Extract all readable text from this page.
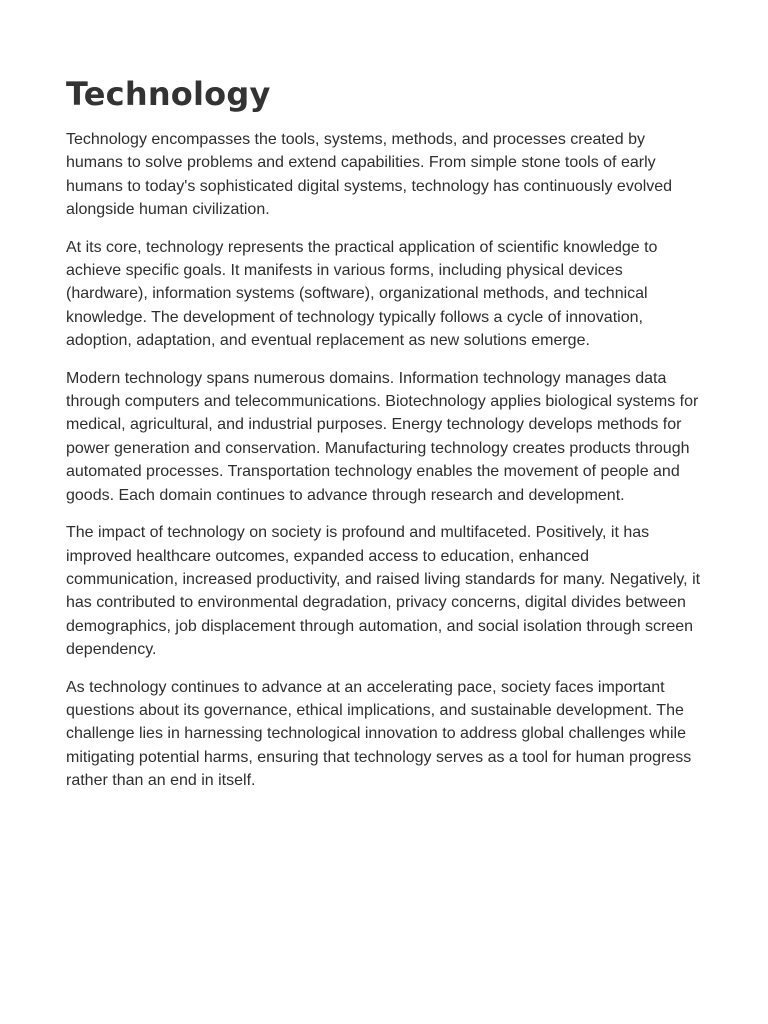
Technology

Technology encompasses the tools, systems, methods, and processes created by humans to solve problems and extend capabilities. From simple stone tools of early humans to today's sophisticated digital systems, technology has continuously evolved alongside human civilization.

At its core, technology represents the practical application of scientific knowledge to achieve specific goals. It manifests in various forms, including physical devices (hardware), information systems (software), organizational methods, and technical knowledge. The development of technology typically follows a cycle of innovation, adoption, adaptation, and eventual replacement as new solutions emerge.

Modern technology spans numerous domains. Information technology manages data through computers and telecommunications. Biotechnology applies biological systems for medical, agricultural, and industrial purposes. Energy technology develops methods for power generation and conservation. Manufacturing technology creates products through automated processes. Transportation technology enables the movement of people and goods. Each domain continues to advance through research and development.

The impact of technology on society is profound and multifaceted. Positively, it has improved healthcare outcomes, expanded access to education, enhanced communication, increased productivity, and raised living standards for many. Negatively, it has contributed to environmental degradation, privacy concerns, digital divides between demographics, job displacement through automation, and social isolation through screen dependency.

As technology continues to advance at an accelerating pace, society faces important questions about its governance, ethical implications, and sustainable development. The challenge lies in harnessing technological innovation to address global challenges while mitigating potential harms, ensuring that technology serves as a tool for human progress rather than an end in itself.
